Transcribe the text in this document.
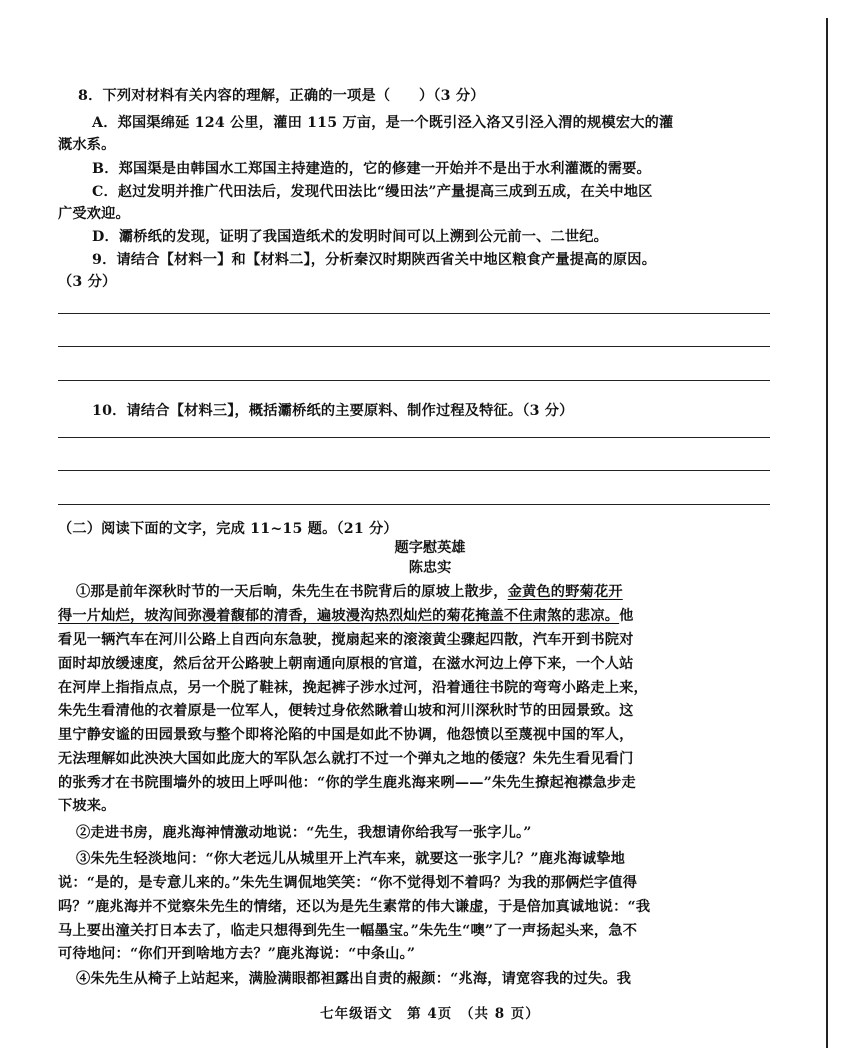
8．下列对材料有关内容的理解，正确的一项是（　　）（3 分）
A．郑国渠绵延 124 公里，灌田 115 万亩，是一个既引泾入洛又引泾入渭的规模宏大的灌
溉水系。
B．郑国渠是由韩国水工郑国主持建造的，它的修建一开始并不是出于水利灌溉的需要。
C．赵过发明并推广代田法后，发现代田法比“缦田法”产量提高三成到五成，在关中地区
广受欢迎。
D．灞桥纸的发现，证明了我国造纸术的发明时间可以上溯到公元前一、二世纪。
9．请结合【材料一】和【材料二】，分析秦汉时期陕西省关中地区粮食产量提高的原因。
（3 分）
10．请结合【材料三】，概括灞桥纸的主要原料、制作过程及特征。（3 分）
（二）阅读下面的文字，完成 11~15 题。（21 分）
题字慰英雄
陈忠实
①那是前年深秋时节的一天后晌，朱先生在书院背后的原坡上散步，金黄色的野菊花开
得一片灿烂，坡沟间弥漫着馥郁的清香，遍坡漫沟热烈灿烂的菊花掩盖不住肃煞的悲凉。他
看见一辆汽车在河川公路上自西向东急驶，搅扇起来的滚滚黄尘骤起四散，汽车开到书院对
面时却放缓速度，然后岔开公路驶上朝南通向原根的官道，在滋水河边上停下来，一个人站
在河岸上指指点点，另一个脱了鞋袜，挽起裤子涉水过河，沿着通往书院的弯弯小路走上来，
朱先生看清他的衣着原是一位军人，便转过身依然瞅着山坡和河川深秋时节的田园景致。这
里宁静安谧的田园景致与整个即将沦陷的中国是如此不协调，他怨愤以至蔑视中国的军人，
无法理解如此泱泱大国如此庞大的军队怎么就打不过一个弹丸之地的倭寇？朱先生看见看门
的张秀才在书院围墙外的坡田上呼叫他：“你的学生鹿兆海来咧——”朱先生撩起袍襟急步走
下坡来。
②走进书房，鹿兆海神情激动地说：“先生，我想请你给我写一张字儿。”
③朱先生轻淡地问：“你大老远儿从城里开上汽车来，就要这一张字儿？”鹿兆海诚挚地
说：“是的，是专意儿来的。”朱先生调侃地笑笑：“你不觉得划不着吗？为我的那俩烂字值得
吗？”鹿兆海并不觉察朱先生的情绪，还以为是先生素常的伟大谦虚，于是倍加真诚地说：“我
马上要出潼关打日本去了，临走只想得到先生一幅墨宝。”朱先生“噢”了一声扬起头来，急不
可待地问：“你们开到啥地方去？”鹿兆海说：“中条山。”
④朱先生从椅子上站起来，满脸满眼都袒露出自责的赧颜：“兆海，请宽容我的过失。我
七年级语文　第 4页　（共 8 页）
